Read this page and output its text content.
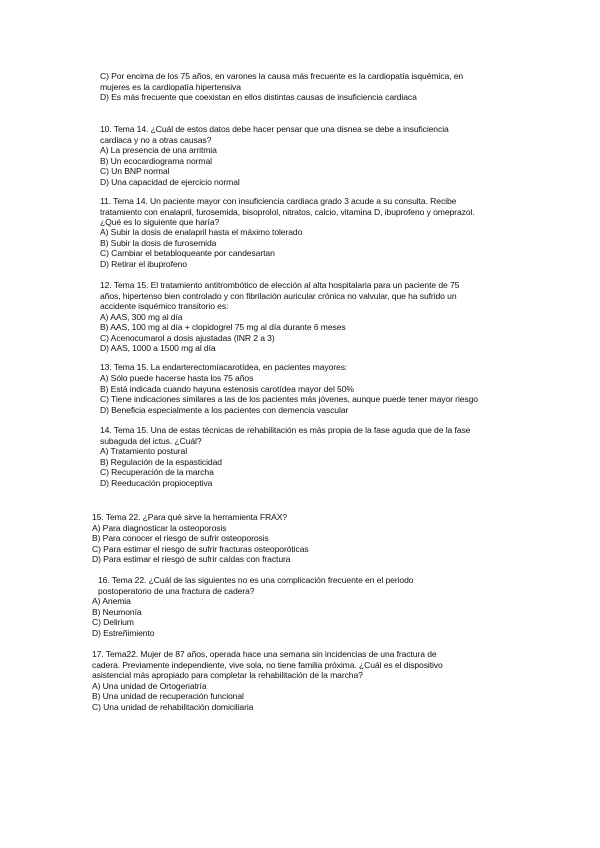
C) Por encima de los 75 años, en varones la causa más frecuente es la cardiopatía isquémica, en
mujeres es la cardiopatía hipertensiva
D) Es más frecuente que coexistan en ellos distintas causas de insuficiencia cardiaca
10. Tema 14. ¿Cuál de estos datos debe hacer pensar que una disnea se debe a insuficiencia
cardiaca y no a otras causas?
A) La presencia de una arritmia
B) Un ecocardiograma normal
C) Un BNP normal
D) Una capacidad de ejercicio normal
11. Tema 14. Un paciente mayor con insuficiencia cardiaca grado 3 acude a su consulta. Recibe
tratamiento con enalapril, furosemida, bisoprolol, nitratos, calcio, vitamina D, ibuprofeno y omeprazol.
¿Qué es lo siguiente que haría?
A) Subir la dosis de enalapril hasta el máximo tolerado
B) Subir la dosis de furosemida
C) Cambiar el betabloqueante por candesartan
D) Retirar el ibuprofeno
12. Tema 15. El tratamiento antitrombótico de elección al alta hospitalaria para un paciente de 75
años, hipertenso bien controlado y con fibrilación auricular crónica no valvular, que ha sufrido un
accidente isquémico transitorio es:
A) AAS, 300 mg al día
B) AAS, 100 mg al día + clopidogrel 75 mg al día durante 6 meses
C) Acenocumarol a dosis ajustadas (INR 2 a 3)
D) AAS, 1000 a 1500 mg al día
13. Tema 15. La endarterectomíacarotídea, en pacientes mayores:
A) Sólo puede hacerse hasta los 75 años
B) Está indicada cuando hayuna estenosis carotídea mayor del 50%
C) Tiene indicaciones similares a las de los pacientes más jóvenes, aunque puede tener mayor riesgo
D) Beneficia especialmente a los pacientes con demencia vascular
14. Tema 15. Una de estas técnicas de rehabilitación es más propia de la fase aguda que de la fase
subaguda del ictus. ¿Cuál?
A) Tratamiento postural
B) Regulación de la espasticidad
C) Recuperación de la marcha
D) Reeducación propioceptiva
15. Tema 22. ¿Para qué sirve la herramienta FRAX?
A) Para diagnosticar la osteoporosis
B) Para conocer el riesgo de sufrir osteoporosis
C) Para estimar el riesgo de sufrir fracturas osteoporóticas
D) Para estimar el riesgo de sufrir caídas con fractura
16. Tema 22. ¿Cuál de las siguientes no es una complicación frecuente en el periodo
postoperatorio de una fractura de cadera?
A) Anemia
B) Neumonía
C) Delirium
D) Estreñimiento
17. Tema22. Mujer de 87 años, operada hace una semana sin incidencias de una fractura de
cadera. Previamente independiente, vive sola, no tiene familia próxima. ¿Cuál es el dispositivo
asistencial más apropiado para completar la rehabilitación de la marcha?
A) Una unidad de Ortogeriatría
B) Una unidad de recuperación funcional
C) Una unidad de rehabilitación domiciliaria
